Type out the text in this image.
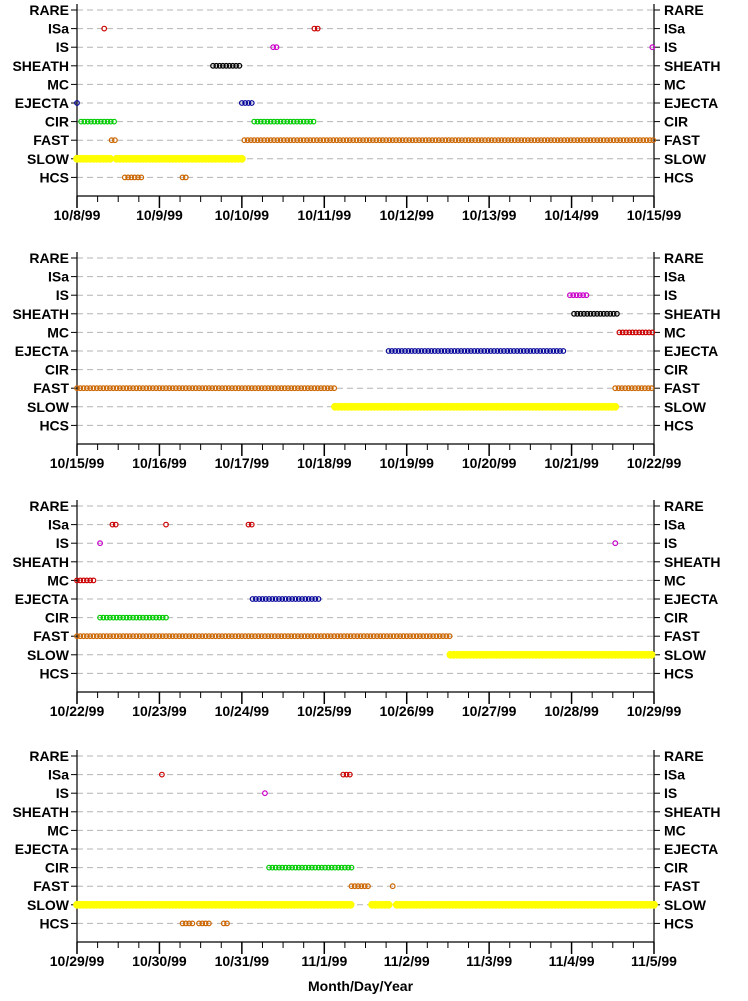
RARE	RARE
ISa	ISa
IS	IS
SHEATH	SHEATH
MC	MC
EJECTA	EJECTA
CIR	CIR
FAST	FAST
SLOW	SLOW
HCS	HCS
10/8/99	10/9/99 10/10/99 10/11/99 10/12/99 10/13/99 10/14/99 10/15/99
RARE	RARE
ISa	ISa
IS	IS
SHEATH	SHEATH
MC	MC
EJECTA	EJECTA
CIR	CIR
FAST	FAST
SLOW	SLOW
HCS	HCS
10/15/99 10/16/99 10/17/99 10/18/99 10/19/99 10/20/99 10/21/99 10/22/99
RARE	RARE
ISa	ISa
IS	IS
SHEATH	SHEATH
MC	MC
EJECTA	EJECTA
CIR	CIR
FAST	FAST
SLOW	SLOW
HCS	HCS
10/22/99 10/23/99 10/24/99 10/25/99 10/26/99 10/27/99 10/28/99 10/29/99
RARE	RARE
ISa	ISa
IS	IS
SHEATH	SHEATH
MC	MC
EJECTA	EJECTA
CIR	CIR
FAST	FAST
SLOW	SLOW
HCS	HCS
10/29/99 10/30/99 10/31/99 11/1/99	11/2/99	11/3/99	11/4/99	11/5/99
Month/Day/Year
